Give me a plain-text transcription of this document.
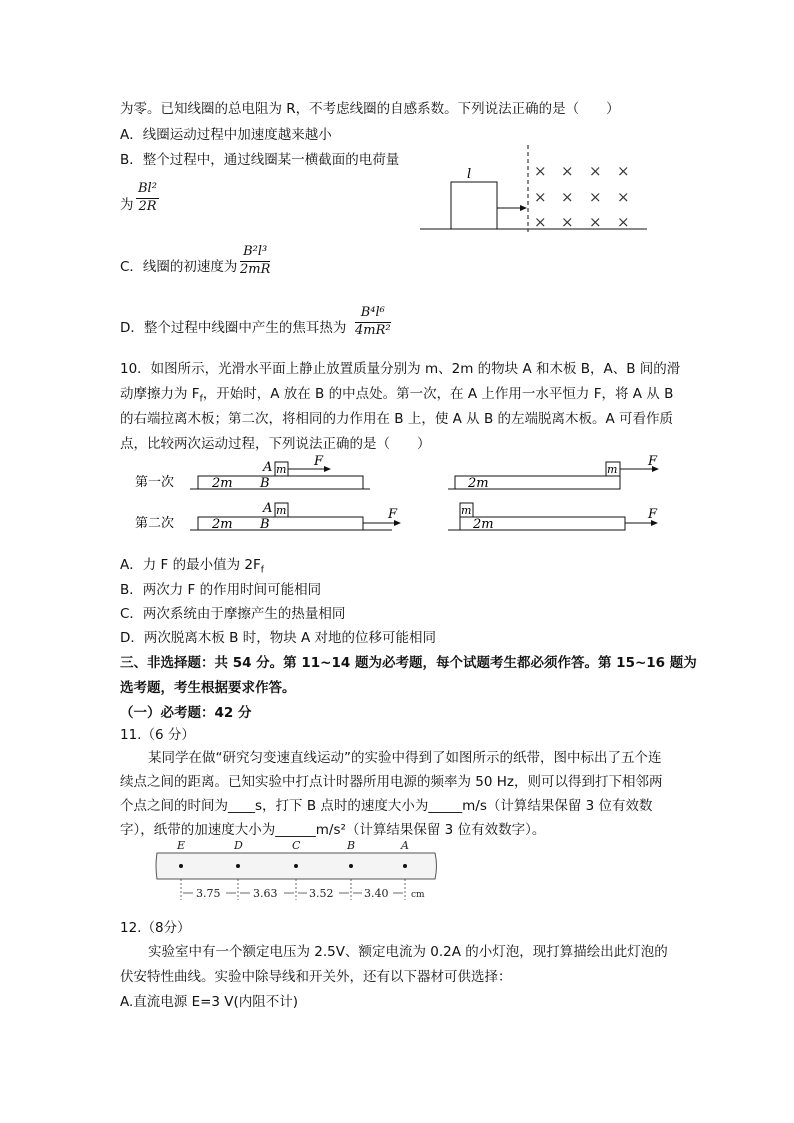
为零。已知线圈的总电阻为 R，不考虑线圈的自感系数。下列说法正确的是（　　）
A．线圈运动过程中加速度越来越小
B．整个过程中，通过线圈某一横截面的电荷量
为 $\frac{\text{Bl²}}{2R}$
C．线圈的初速度为 $\frac{\text{B²l³}}{2mR}$
D．整个过程中线圈中产生的焦耳热为 $\frac{\text{B⁴l⁶}}{\text{4mR²}}$
l	× × × ×
× × × ×
× × × ×
10．如图所示，光滑水平面上静止放置质量分别为 m、2m 的物块 A 和木板 B，A、B 间的滑
动摩擦力为 $F_f$，开始时，A 放在 B 的中点处。第一次，在 A 上作用一水平恒力 F，将 A 从 B
的右端拉离木板；第二次，将相同的力作用在 B 上，使 A 从 B 的左端脱离木板。A 可看作质
点，比较两次运动过程，下列说法正确的是（　　）
第一次	2m B
m
A	F
2m
m
F
第二次	2m B
m
A	F
2m
m	F
A．力 F 的最小值为 $2F_f$
B．两次力 F 的作用时间可能相同
C．两次系统由于摩擦产生的热量相同
D．两次脱离木板 B 时，物块 A 对地的位移可能相同
三、非选择题：共 54 分。第 11~14 题为必考题，每个试题考生都必须作答。第 15~16 题为
选考题，考生根据要求作答。
（一）必考题：42 分
11.（6 分）
某同学在做“研究匀变速直线运动”的实验中得到了如图所示的纸带，图中标出了五个连
续点之间的距离。已知实验中打点计时器所用电源的频率为 50 Hz，则可以得到打下相邻两
个点之间的时间为____s，打下 B 点时的速度大小为_____m/s（计算结果保留 3 位有效数
字），纸带的加速度大小为______m/s²（计算结果保留 3 位有效数字）。
E	D	C	B	A
3.75	3.63	3.52	3.40	cm
12.（8分）
实验室中有一个额定电压为 2.5V、额定电流为 0.2A 的小灯泡，现打算描绘出此灯泡的
伏安特性曲线。实验中除导线和开关外，还有以下器材可供选择：
A.直流电源 E=3 V(内阻不计)
